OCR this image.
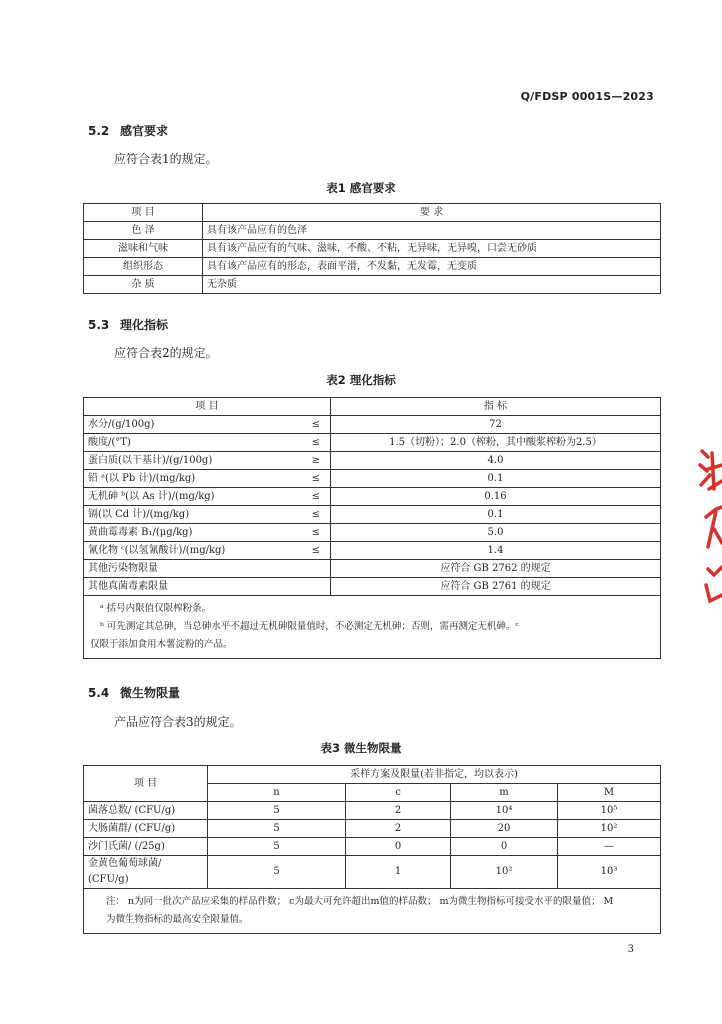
Q/FDSP 0001S—2023
5.2 感官要求
应符合表1的规定。
表1 感官要求
项 目	要 求
色 泽	具有该产品应有的色泽
滋味和气味	具有该产品应有的气味、滋味，不酸、不粘，无异味，无异嗅，口尝无砂质
组织形态	具有该产品应有的形态，表面平滑，不发黏，无发霉，无变质
杂 质	无杂质
5.3 理化指标
应符合表2的规定。
表2 理化指标
项 目		指 标
水分/(g/100g)	≤	72
酸度/(°T)	≤	1.5（切粉）；2.0（榨粉，其中酸浆榨粉为2.5）
蛋白质(以干基计)/(g/100g)	≥	4.0
铅 ᵃ(以 Pb 计)/(mg/kg)	≤	0.1
无机砷 ᵇ(以 As 计)/(mg/kg)	≤	0.16
镉(以 Cd 计)/(mg/kg)	≤	0.1
黄曲霉毒素 B₁/(μg/kg)	≤	5.0
氰化物 ᶜ(以氢氰酸计)/(mg/kg)	≤	1.4
其他污染物限量		应符合 GB 2762 的规定
其他真菌毒素限量		应符合 GB 2761 的规定

ᵃ 括号内限值仅限榨粉条。
ᵇ 可先测定其总砷，当总砷水平不超过无机砷限量值时，不必测定无机砷；否则，需再测定无机砷。ᶜ
仅限于添加食用木薯淀粉的产品。		
5.4 微生物限量
产品应符合表3的规定。
表3 微生物限量
项 目	采样方案及限量(若非指定，均以表示)			
	n	c	m	M
菌落总数/ (CFU/g)	5	2	10⁴	10⁵
大肠菌群/ (CFU/g)	5	2	20	10²
沙门氏菌/ (/25g)	5	0	0	—
金黄色葡萄球菌/ (CFU/g)	5	1	10²	10³

注： n为同一批次产品应采集的样品件数； c为最大可允许超出m值的样品数； m为微生物指标可接受水平的限量值； M
为微生物指标的最高安全限量值。				
3
